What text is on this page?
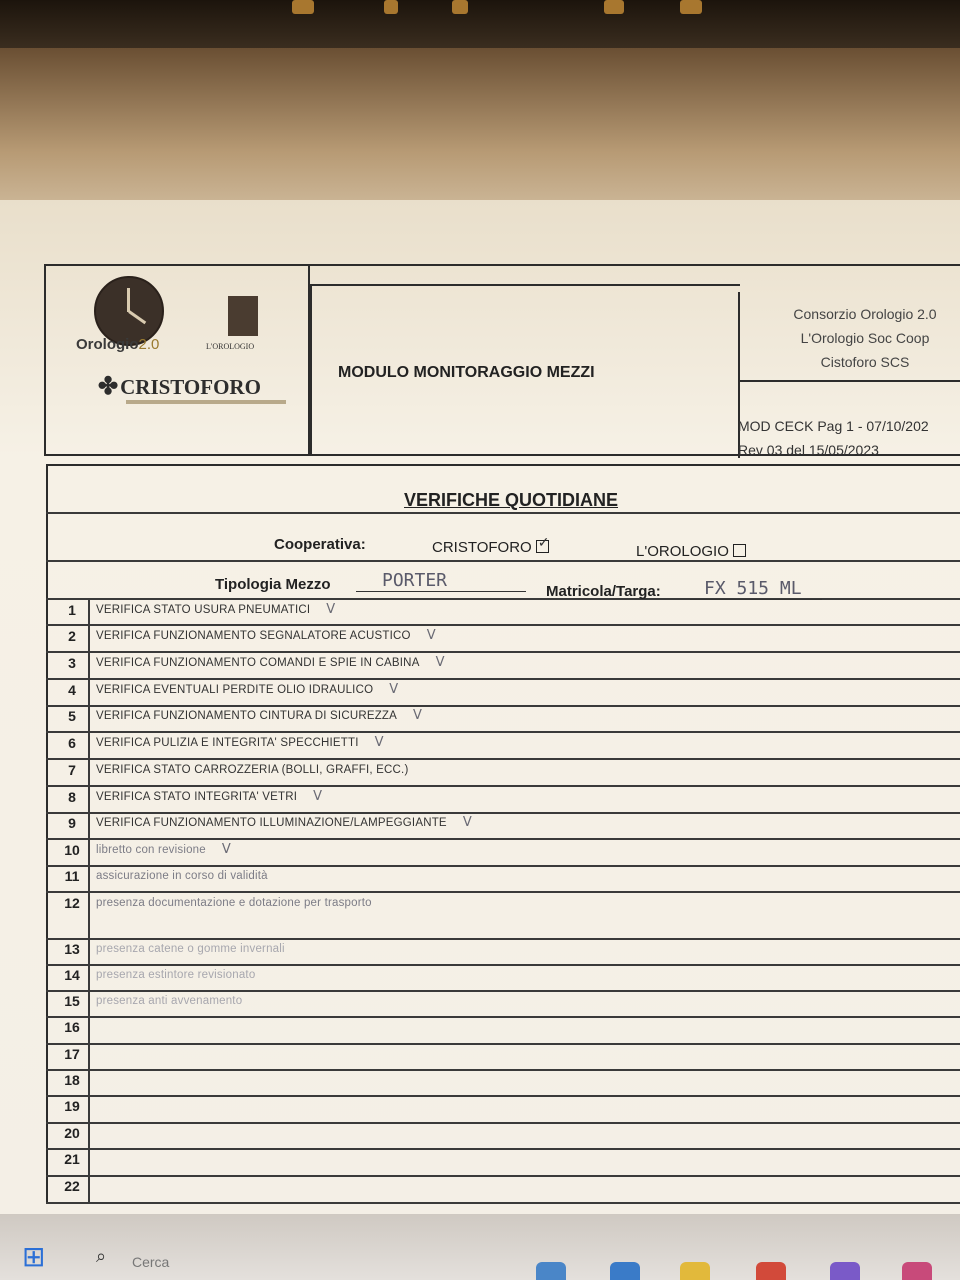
Orologio2.0	L'OROLOGIO
✤CRISTOFORO
MODULO MONITORAGGIO MEZZI
Consorzio Orologio 2.0
L'Orologio Soc Coop
Cistoforo SCS
MOD CECK Pag 1 - 07/10/202
Rev 03 del 15/05/2023
VERIFICHE QUOTIDIANE
Cooperativa:	CRISTOFORO✓	L'OROLOGIO
Tipologia Mezzo	PORTER
Matricola/Targa:	FX 515 ML
1	VERIFICA STATO USURA PNEUMATICI V
2	VERIFICA FUNZIONAMENTO SEGNALATORE ACUSTICO V
3	VERIFICA FUNZIONAMENTO COMANDI E SPIE IN CABINA V
4	VERIFICA EVENTUALI PERDITE OLIO IDRAULICO V
5	VERIFICA FUNZIONAMENTO CINTURA DI SICUREZZA V
6	VERIFICA PULIZIA E INTEGRITA' SPECCHIETTI V
7	VERIFICA STATO CARROZZERIA (BOLLI, GRAFFI, ECC.)
8	VERIFICA STATO INTEGRITA' VETRI V
9	VERIFICA FUNZIONAMENTO ILLUMINAZIONE/LAMPEGGIANTE V
10	libretto con revisione V
11	assicurazione in corso di validità
12	presenza documentazione e dotazione per trasporto
13	presenza catene o gomme invernali
14	presenza estintore revisionato
15	presenza anti avvenamento
16
17
18
19
20
21
22
⊞	⌕ Cerca
